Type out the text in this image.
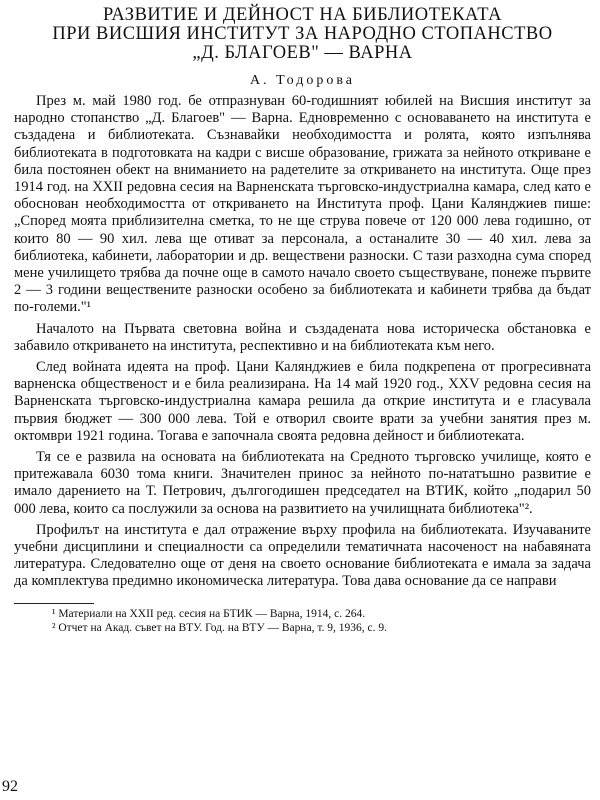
РАЗВИТИЕ И ДЕЙНОСТ НА БИБЛИОТЕКАТА
ПРИ ВИСШИЯ ИНСТИТУТ ЗА НАРОДНО СТОПАНСТВО
„Д. БЛАГОЕВ" — ВАРНА
А. Тодорова

През м. май 1980 год. бе отпразнуван 60-годишният юбилей на Висшия институт за народно стопанство „Д. Благоев" — Варна. Едновременно с основаването на института е създадена и библиотеката. Съзнавайки необходимостта и ролята, която изпълнява библиотеката в подготовката на кадри с висше образование, грижата за нейното откриване е била постоянен обект на вниманието на радетелите за откриването на института. Още през 1914 год. на XXII редовна сесия на Варненската търговско-индустриална камара, след като е обоснован необходимостта от откриването на Института проф. Цани Калянджиев пише: „Според моята приблизителна сметка, то не ще струва повече от 120 000 лева годишно, от които 80 — 90 хил. лева ще отиват за персонала, а останалите 30 — 40 хил. лева за библиотека, кабинети, лаборатории и др. веществени разноски. С тази разходна сума според мене училището трябва да почне още в самото начало своето съществуване, понеже първите 2 — 3 години веществените разноски особено за библиотеката и кабинети трябва да бъдат по-големи."¹

Началото на Първата световна война и създадената нова историческа обстановка е забавило откриването на института, респективно и на библиотеката към него.

След войната идеята на проф. Цани Калянджиев е била подкрепена от прогресивната варненска общественост и е била реализирана. На 14 май 1920 год., XXV редовна сесия на Варненската търговско-индустриална камара решила да открие института и е гласувала първия бюджет — 300 000 лева. Той е отворил своите врати за учебни занятия през м. октомври 1921 година. Тогава е започнала своята редовна дейност и библиотеката.

Тя се е развила на основата на библиотеката на Средното търговско училище, която е притежавала 6030 тома книги. Значителен принос за нейното по-нататъшно развитие е имало дарението на Т. Петрович, дългогодишен председател на ВТИК, който „подарил 50 000 лева, които са послужили за основа на развитието на училищната библиотека"².

Профилът на института е дал отражение върху профила на библиотеката. Изучаваните учебни дисциплини и специалности са определили тематичната насоченост на набавяната литература. Следователно още от деня на своето основание библиотеката е имала за задача да комплектува предимно икономическа литература. Това дава основание да се направи

¹ Материали на XXII ред. сесия на БТИК — Варна, 1914, с. 264.
² Отчет на Акад. съвет на ВТУ. Год. на ВТУ — Варна, т. 9, 1936, с. 9.
92
